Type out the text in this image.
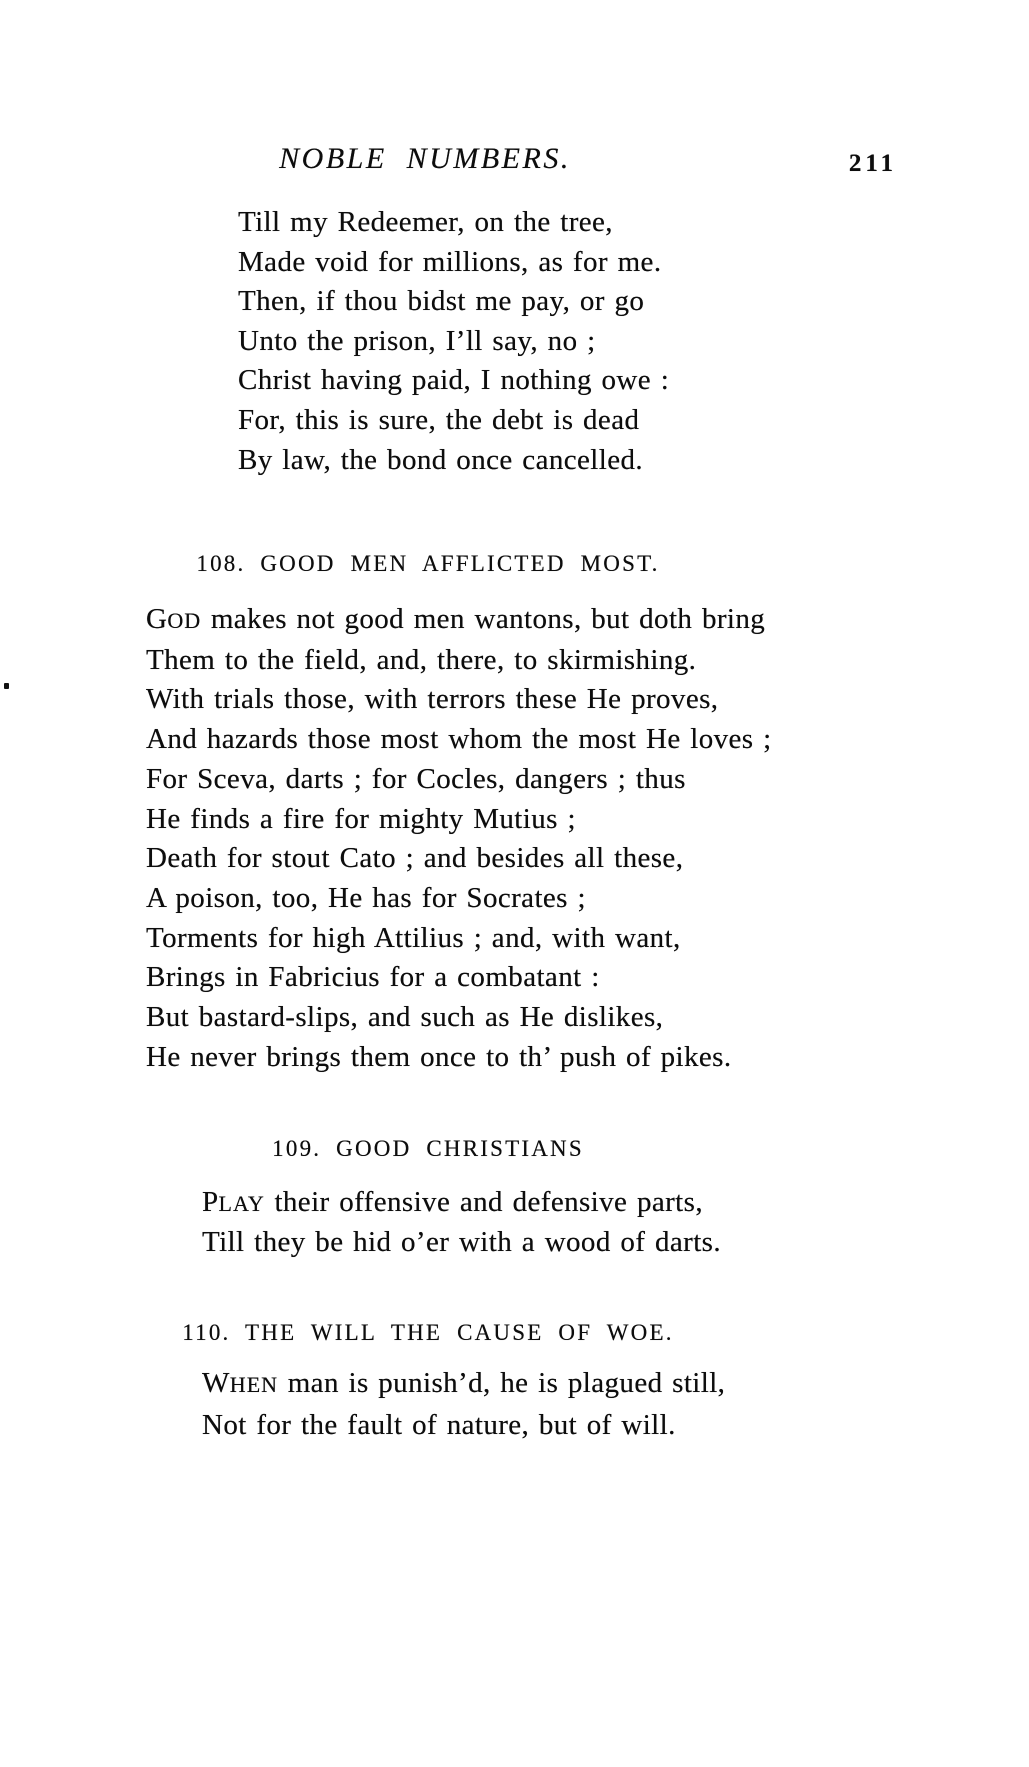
NOBLE NUMBERS.	211
Till my Redeemer, on the tree,
Made void for millions, as for me.
Then, if thou bidst me pay, or go
Unto the prison, I’ll say, no ;
Christ having paid, I nothing owe :
For, this is sure, the debt is dead
By law, the bond once cancelled.
108. GOOD MEN AFFLICTED MOST.
GOD makes not good men wantons, but doth bring
Them to the field, and, there, to skirmishing.
With trials those, with terrors these He proves,
And hazards those most whom the most He loves ;
For Sceva, darts ; for Cocles, dangers ; thus
He finds a fire for mighty Mutius ;
Death for stout Cato ; and besides all these,
A poison, too, He has for Socrates ;
Torments for high Attilius ; and, with want,
Brings in Fabricius for a combatant :
But bastard-slips, and such as He dislikes,
He never brings them once to th’ push of pikes.
109. GOOD CHRISTIANS
PLAY their offensive and defensive parts,
Till they be hid o’er with a wood of darts.
110. THE WILL THE CAUSE OF WOE.
WHEN man is punish’d, he is plagued still,
Not for the fault of nature, but of will.
